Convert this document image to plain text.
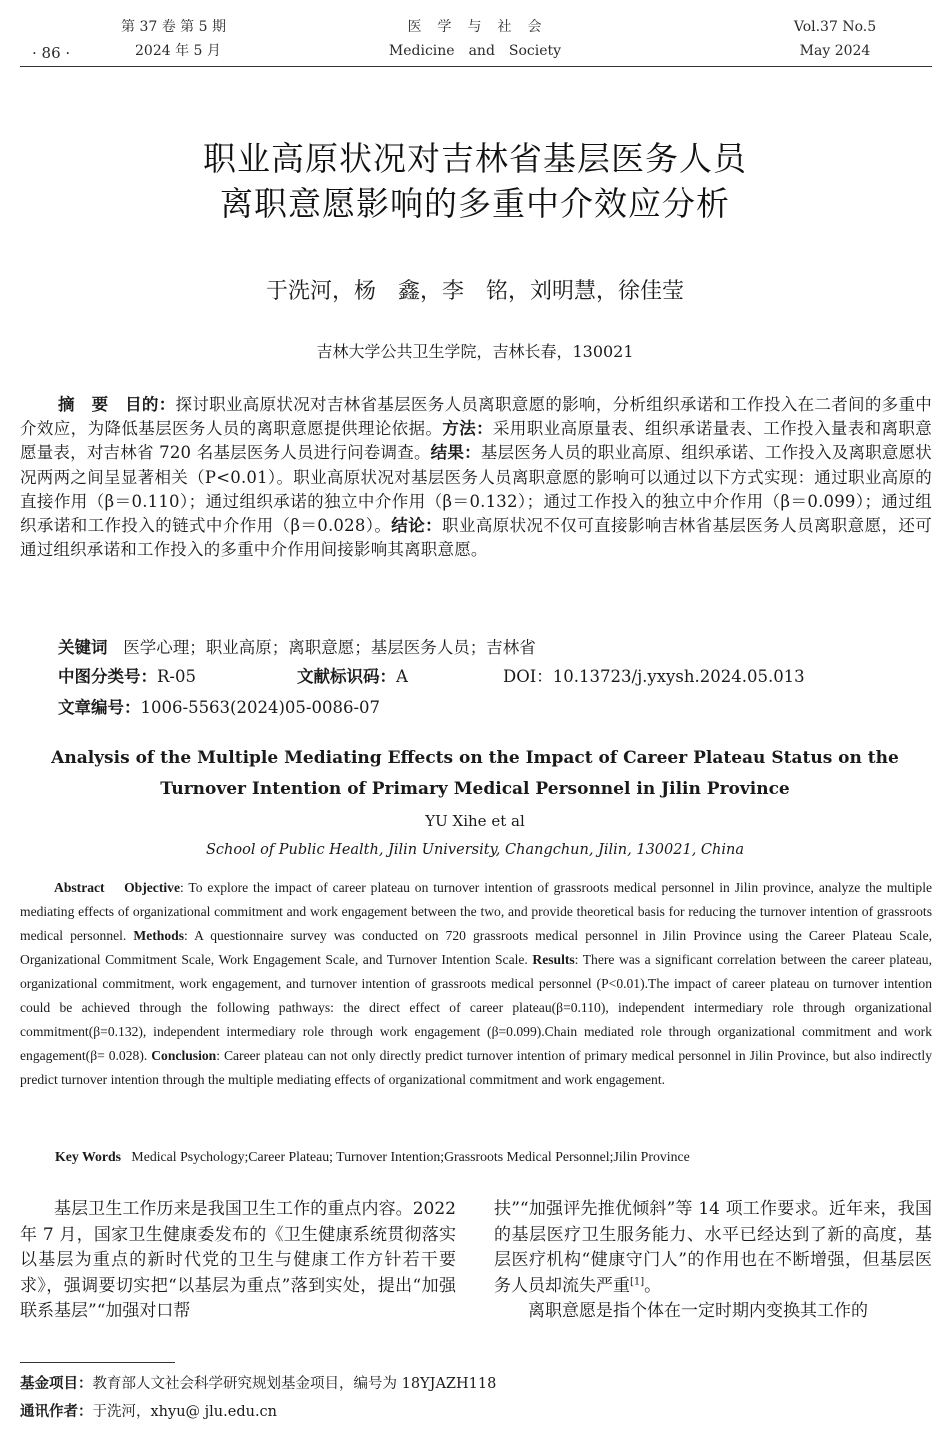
· 86 ·
第 37 卷 第 5 期
2024 年 5 月
医　学　与　社　会
Medicine　and　Society
Vol.37 No.5
May 2024
职业高原状况对吉林省基层医务人员
离职意愿影响的多重中介效应分析
于洗河，杨　鑫，李　铭，刘明慧，徐佳莹
吉林大学公共卫生学院，吉林长春，130021
摘　要 目的：探讨职业高原状况对吉林省基层医务人员离职意愿的影响，分析组织承诺和工作投入在二者间的多重中介效应，为降低基层医务人员的离职意愿提供理论依据。方法：采用职业高原量表、组织承诺量表、工作投入量表和离职意愿量表，对吉林省 720 名基层医务人员进行问卷调查。结果：基层医务人员的职业高原、组织承诺、工作投入及离职意愿状况两两之间呈显著相关（P<0.01）。职业高原状况对基层医务人员离职意愿的影响可以通过以下方式实现：通过职业高原的直接作用（β＝0.110）；通过组织承诺的独立中介作用（β＝0.132）；通过工作投入的独立中介作用（β＝0.099）；通过组织承诺和工作投入的链式中介作用（β＝0.028）。结论：职业高原状况不仅可直接影响吉林省基层医务人员离职意愿，还可通过组织承诺和工作投入的多重中介作用间接影响其离职意愿。
关键词 医学心理；职业高原；离职意愿；基层医务人员；吉林省
中图分类号：R-05	文献标识码：A	DOI：10.13723/j.yxysh.2024.05.013
文章编号：1006-5563(2024)05-0086-07
Analysis of the Multiple Mediating Effects on the Impact of Career Plateau Status on the
Turnover Intention of Primary Medical Personnel in Jilin Province
YU Xihe et al
School of Public Health, Jilin University, Changchun, Jilin, 130021, China
Abstract Objective: To explore the impact of career plateau on turnover intention of grassroots medical personnel in Jilin province, analyze the multiple mediating effects of organizational commitment and work engagement between the two, and provide theoretical basis for reducing the turnover intention of grassroots medical personnel. Methods: A questionnaire survey was conducted on 720 grassroots medical personnel in Jilin Province using the Career Plateau Scale, Organizational Commitment Scale, Work Engagement Scale, and Turnover Intention Scale. Results: There was a significant correlation between the career plateau, organizational commitment, work engagement, and turnover intention of grassroots medical personnel (P<0.01).The impact of career plateau on turnover intention could be achieved through the following pathways: the direct effect of career plateau(β=0.110), independent intermediary role through organizational commitment(β=0.132), independent intermediary role through work engagement (β=0.099).Chain mediated role through organizational commitment and work engagement(β= 0.028). Conclusion: Career plateau can not only directly predict turnover intention of primary medical personnel in Jilin Province, but also indirectly predict turnover intention through the multiple mediating effects of organizational commitment and work engagement.
Key Words Medical Psychology;Career Plateau; Turnover Intention;Grassroots Medical Personnel;Jilin Province

基层卫生工作历来是我国卫生工作的重点内容。2022 年 7 月，国家卫生健康委发布的《卫生健康系统贯彻落实以基层为重点的新时代党的卫生与健康工作方针若干要求》，强调要切实把“以基层为重点”落到实处，提出“加强联系基层”“加强对口帮

扶”“加强评先推优倾斜”等 14 项工作要求。近年来，我国的基层医疗卫生服务能力、水平已经达到了新的高度，基层医疗机构“健康守门人”的作用也在不断增强，但基层医务人员却流失严重[1]。

离职意愿是指个体在一定时期内变换其工作的

基金项目：教育部人文社会科学研究规划基金项目，编号为 18YJAZH118
通讯作者：于洗河，xhyu@ jlu.edu.cn
